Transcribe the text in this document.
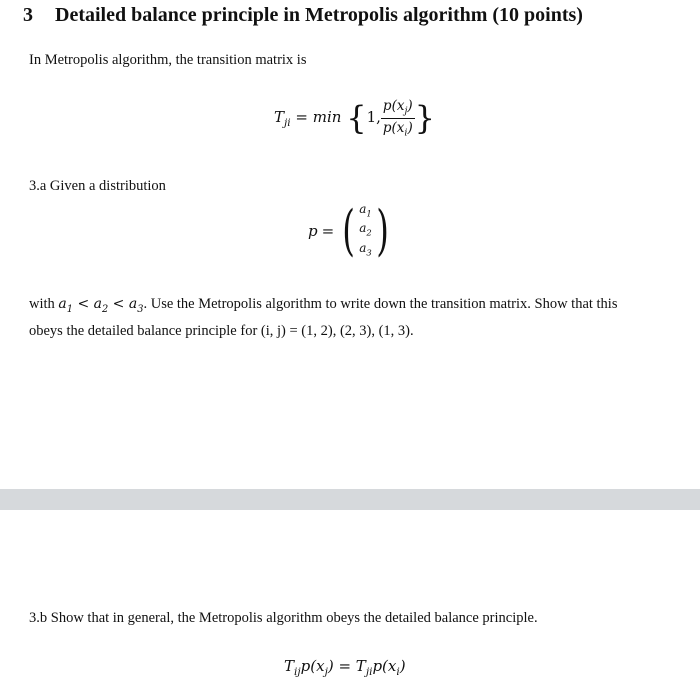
3 Detailed balance principle in Metropolis algorithm (10 points)
In Metropolis algorithm, the transition matrix is
$T_{ji} = \min \{1$, $\frac{p(x_j)}{p(x_i)}$ }
3.a Given a distribution
p = ( $a_1$
$a_2$
$a_3$ )
with $a_1 < a_2 < a_3$. Use the Metropolis algorithm to write down the transition matrix. Show that this
obeys the detailed balance principle for (i, j) = (1, 2), (2, 3), (1, 3).
3.b Show that in general, the Metropolis algorithm obeys the detailed balance principle.
$T_{ij}p(x_j) = T_{ji}p(x_i)$
